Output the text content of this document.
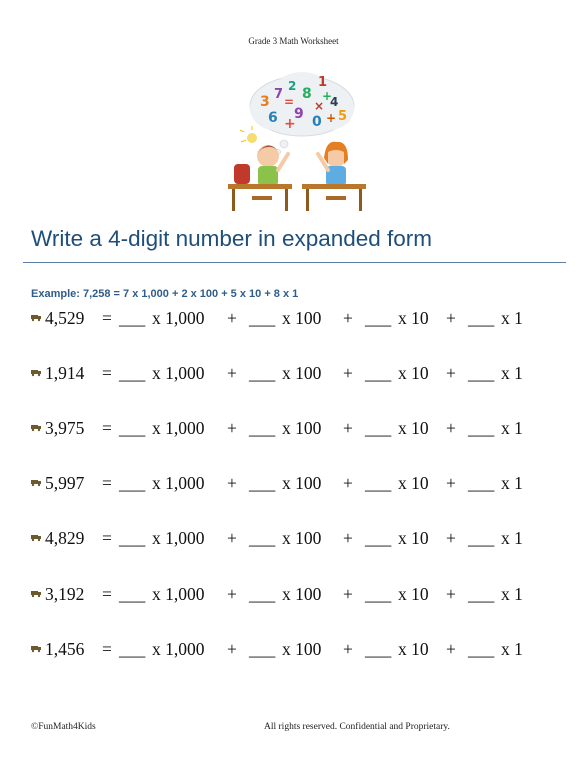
Grade 3 Math Worksheet
3 7
2 8
1
4
6 9 0 5
=
+
×
+
+
Write a 4-digit number in expanded form
Example: 7,258 = 7 x 1,000 + 2 x 100 + 5 x 10 + 8 x 1
4,529 = ___ x 1,000 + ___ x 100 + ___ x 10 + ___ x 1
1,914 = ___ x 1,000 + ___ x 100 + ___ x 10 + ___ x 1
3,975 = ___ x 1,000 + ___ x 100 + ___ x 10 + ___ x 1
5,997 = ___ x 1,000 + ___ x 100 + ___ x 10 + ___ x 1
4,829 = ___ x 1,000 + ___ x 100 + ___ x 10 + ___ x 1
3,192 = ___ x 1,000 + ___ x 100 + ___ x 10 + ___ x 1
1,456 = ___ x 1,000 + ___ x 100 + ___ x 10 + ___ x 1
©FunMath4Kids	All rights reserved. Confidential and Proprietary.
